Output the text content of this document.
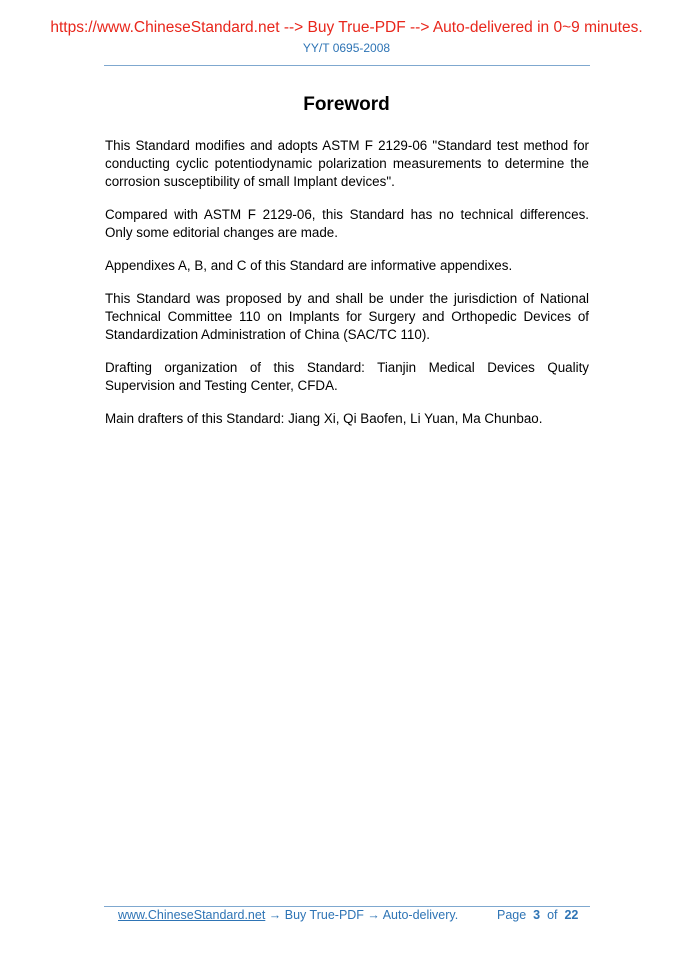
https://www.ChineseStandard.net --> Buy True-PDF --> Auto-delivered in 0~9 minutes.
YY/T 0695-2008
Foreword

This Standard modifies and adopts ASTM F 2129-06 "Standard test method for conducting cyclic potentiodynamic polarization measurements to determine the corrosion susceptibility of small Implant devices".

Compared with ASTM F 2129-06, this Standard has no technical differences. Only some editorial changes are made.

Appendixes A, B, and C of this Standard are informative appendixes.

This Standard was proposed by and shall be under the jurisdiction of National Technical Committee 110 on Implants for Surgery and Orthopedic Devices of Standardization Administration of China (SAC/TC 110).

Drafting organization of this Standard: Tianjin Medical Devices Quality Supervision and Testing Center, CFDA.

Main drafters of this Standard: Jiang Xi, Qi Baofen, Li Yuan, Ma Chunbao.

www.ChineseStandard.net → Buy True-PDF → Auto-delivery.	Page 3 of 22
